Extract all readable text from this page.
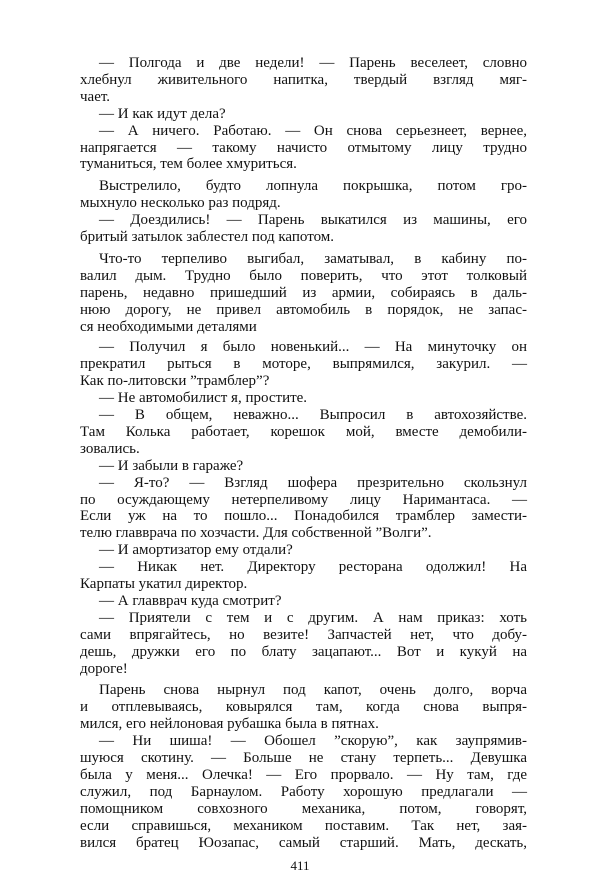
— Полгода и две недели! — Парень веселеет, словно
хлебнул живительного напитка, твердый взгляд мяг-
чает.
— И как идут дела?
— А ничего. Работаю. — Он снова серьезнеет, вернее,
напрягается — такому начисто отмытому лицу трудно
туманиться, тем более хмуриться.
Выстрелило, будто лопнула покрышка, потом гро-
мыхнуло несколько раз подряд.
— Доездились! — Парень выкатился из машины, его
бритый затылок заблестел под капотом.
Что-то терпеливо выгибал, заматывал, в кабину по-
валил дым. Трудно было поверить, что этот толковый
парень, недавно пришедший из армии, собираясь в даль-
нюю дорогу, не привел автомобиль в порядок, не запас-
ся необходимыми деталями
— Получил я было новенький... — На минуточку он
прекратил рыться в моторе, выпрямился, закурил. —
Как по-литовски ”трамблер”?
— Не автомобилист я, простите.
— В общем, неважно... Выпросил в автохозяйстве.
Там Колька работает, корешок мой, вместе демобили-
зовались.
— И забыли в гараже?
— Я-то? — Взгляд шофера презрительно скользнул
по осуждающему нетерпеливому лицу Наримантаса. —
Если уж на то пошло... Понадобился трамблер замести-
телю главврача по хозчасти. Для собственной ”Волги”.
— И амортизатор ему отдали?
— Никак нет. Директору ресторана одолжил! На
Карпаты укатил директор.
— А главврач куда смотрит?
— Приятели с тем и с другим. А нам приказ: хоть
сами впрягайтесь, но везите! Запчастей нет, что добу-
дешь, дружки его по блату зацапают... Вот и кукуй на
дороге!
Парень снова нырнул под капот, очень долго, ворча
и отплевываясь, ковырялся там, когда снова выпря-
мился, его нейлоновая рубашка была в пятнах.
— Ни шиша! — Обошел ”скорую”, как заупрямив-
шуюся скотину. — Больше не стану терпеть... Девушка
была у меня... Олечка! — Его прорвало. — Ну там, где
служил, под Барнаулом. Работу хорошую предлагали —
помощником совхозного механика, потом, говорят,
если справишься, механиком поставим. Так нет, зая-
вился братец Юозапас, самый старший. Мать, дескать,
411
